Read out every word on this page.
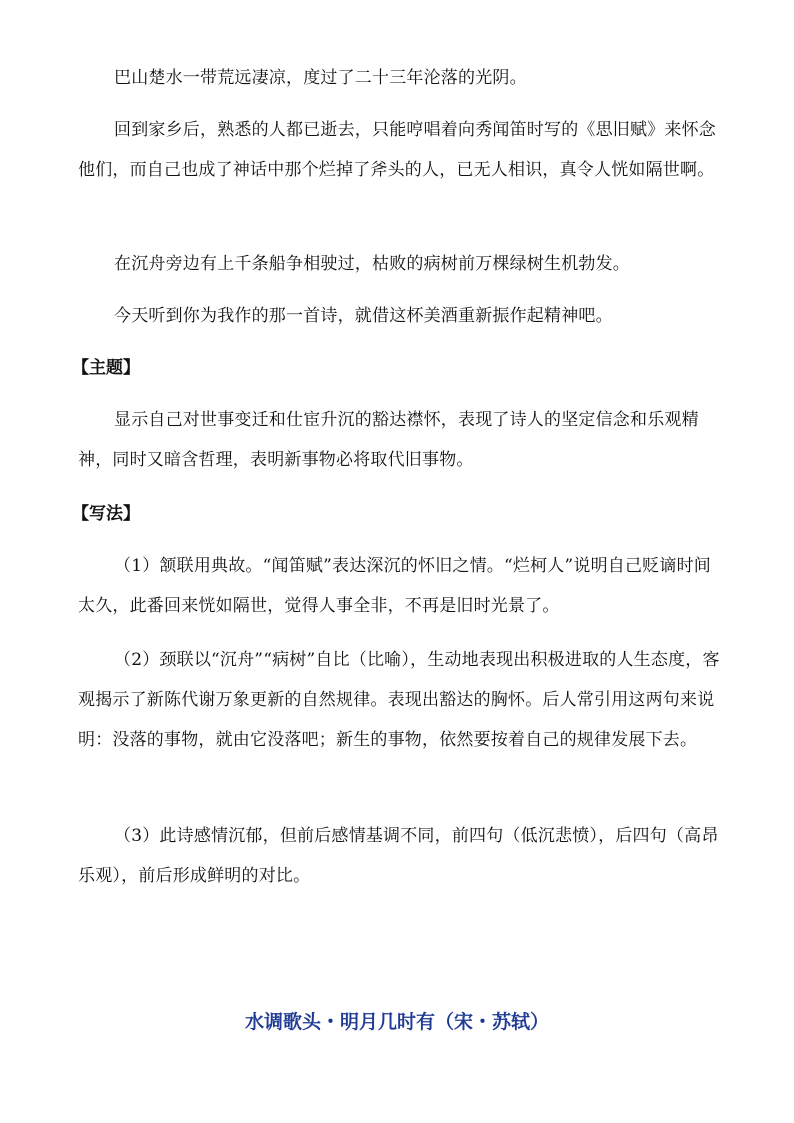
巴山楚水一带荒远凄凉，度过了二十三年沦落的光阴。
回到家乡后，熟悉的人都已逝去，只能哼唱着向秀闻笛时写的《思旧赋》来怀念他们，而自己也成了神话中那个烂掉了斧头的人，已无人相识，真令人恍如隔世啊。
在沉舟旁边有上千条船争相驶过，枯败的病树前万棵绿树生机勃发。
今天听到你为我作的那一首诗，就借这杯美酒重新振作起精神吧。
【主题】
显示自己对世事变迁和仕宦升沉的豁达襟怀，表现了诗人的坚定信念和乐观精神，同时又暗含哲理，表明新事物必将取代旧事物。
【写法】
（1）颔联用典故。“闻笛赋”表达深沉的怀旧之情。“烂柯人”说明自己贬谪时间太久，此番回来恍如隔世，觉得人事全非，不再是旧时光景了。
（2）颈联以“沉舟”“病树”自比（比喻），生动地表现出积极进取的人生态度，客观揭示了新陈代谢万象更新的自然规律。表现出豁达的胸怀。后人常引用这两句来说明：没落的事物，就由它没落吧；新生的事物，依然要按着自己的规律发展下去。
（3）此诗感情沉郁，但前后感情基调不同，前四句（低沉悲愤），后四句（高昂乐观），前后形成鲜明的对比。
水调歌头・明月几时有（宋・苏轼）
